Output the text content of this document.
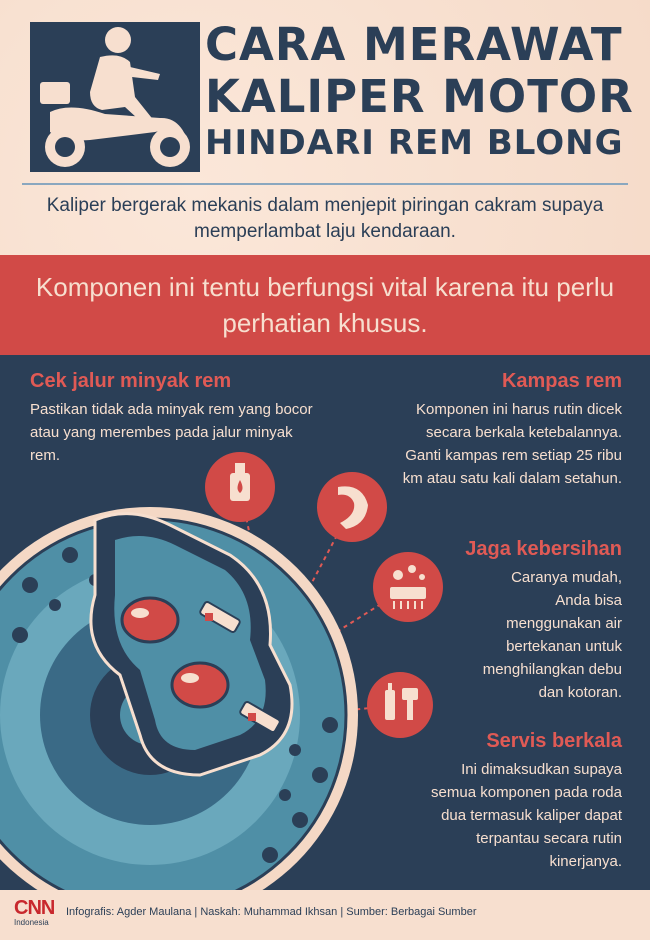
CARA MERAWAT
KALIPER MOTOR
HINDARI REM BLONG
Kaliper bergerak mekanis dalam menjepit piringan cakram supaya memperlambat laju kendaraan.
Komponen ini tentu berfungsi vital karena itu perlu perhatian khusus.
Cek jalur minyak rem
Pastikan tidak ada minyak rem yang bocor atau yang merembes pada jalur minyak rem.
Kampas rem
Komponen ini harus rutin dicek secara berkala ketebalannya. Ganti kampas rem setiap 25 ribu km atau satu kali dalam setahun.
Jaga kebersihan
Caranya mudah, Anda bisa menggunakan air bertekanan untuk menghilangkan debu dan kotoran.
Servis berkala
Ini dimaksudkan supaya semua komponen pada roda dua termasuk kaliper dapat terpantau secara rutin kinerjanya.
CNN
Indonesia
Infografis: Agder Maulana | Naskah: Muhammad Ikhsan | Sumber: Berbagai Sumber
